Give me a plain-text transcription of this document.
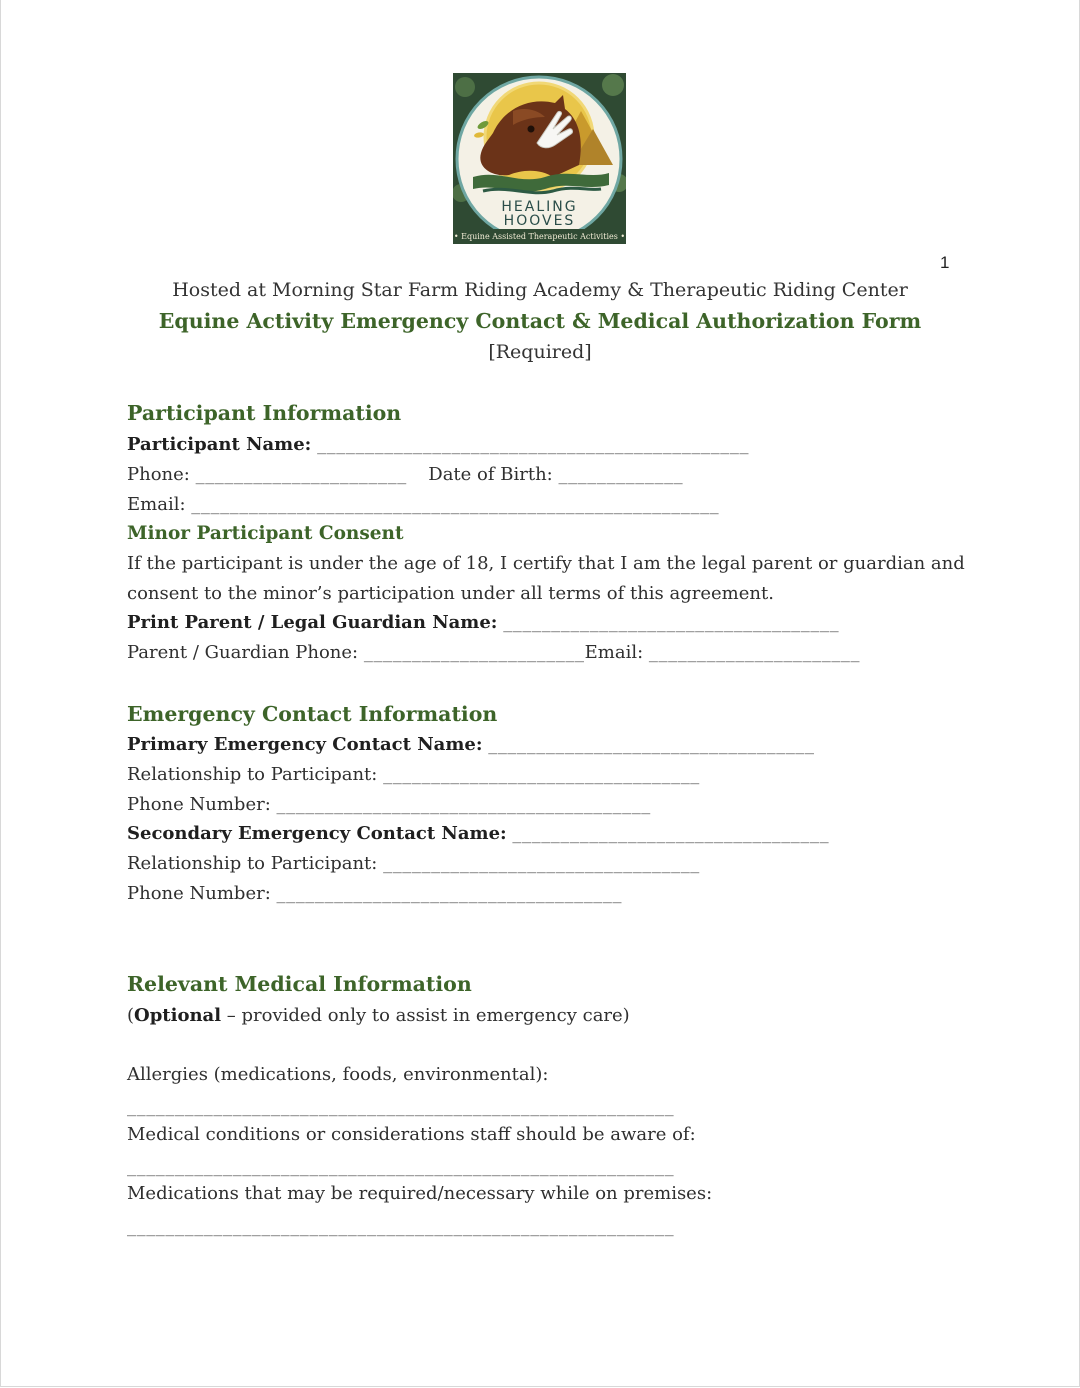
HEALING
HOOVES
• Equine Assisted Therapeutic Activities •
1
Hosted at Morning Star Farm Riding Academy & Therapeutic Riding Center
Equine Activity Emergency Contact & Medical Authorization Form
[Required]
Participant Information
Participant Name: _____________________________________________
Phone: ______________________ Date of Birth: _____________
Email: _______________________________________________________
Minor Participant Consent
If the participant is under the age of 18, I certify that I am the legal parent or guardian and
consent to the minor’s participation under all terms of this agreement.
Print Parent / Legal Guardian Name: ___________________________________
Parent / Guardian Phone: _______________________Email: ______________________
Emergency Contact Information
Primary Emergency Contact Name: __________________________________
Relationship to Participant: _________________________________
Phone Number: _______________________________________
Secondary Emergency Contact Name: _________________________________
Relationship to Participant: _________________________________
Phone Number: ____________________________________
Relevant Medical Information
(Optional – provided only to assist in emergency care)
Allergies (medications, foods, environmental):
_________________________________________________________
Medical conditions or considerations staff should be aware of:
_________________________________________________________
Medications that may be required/necessary while on premises:
_________________________________________________________
